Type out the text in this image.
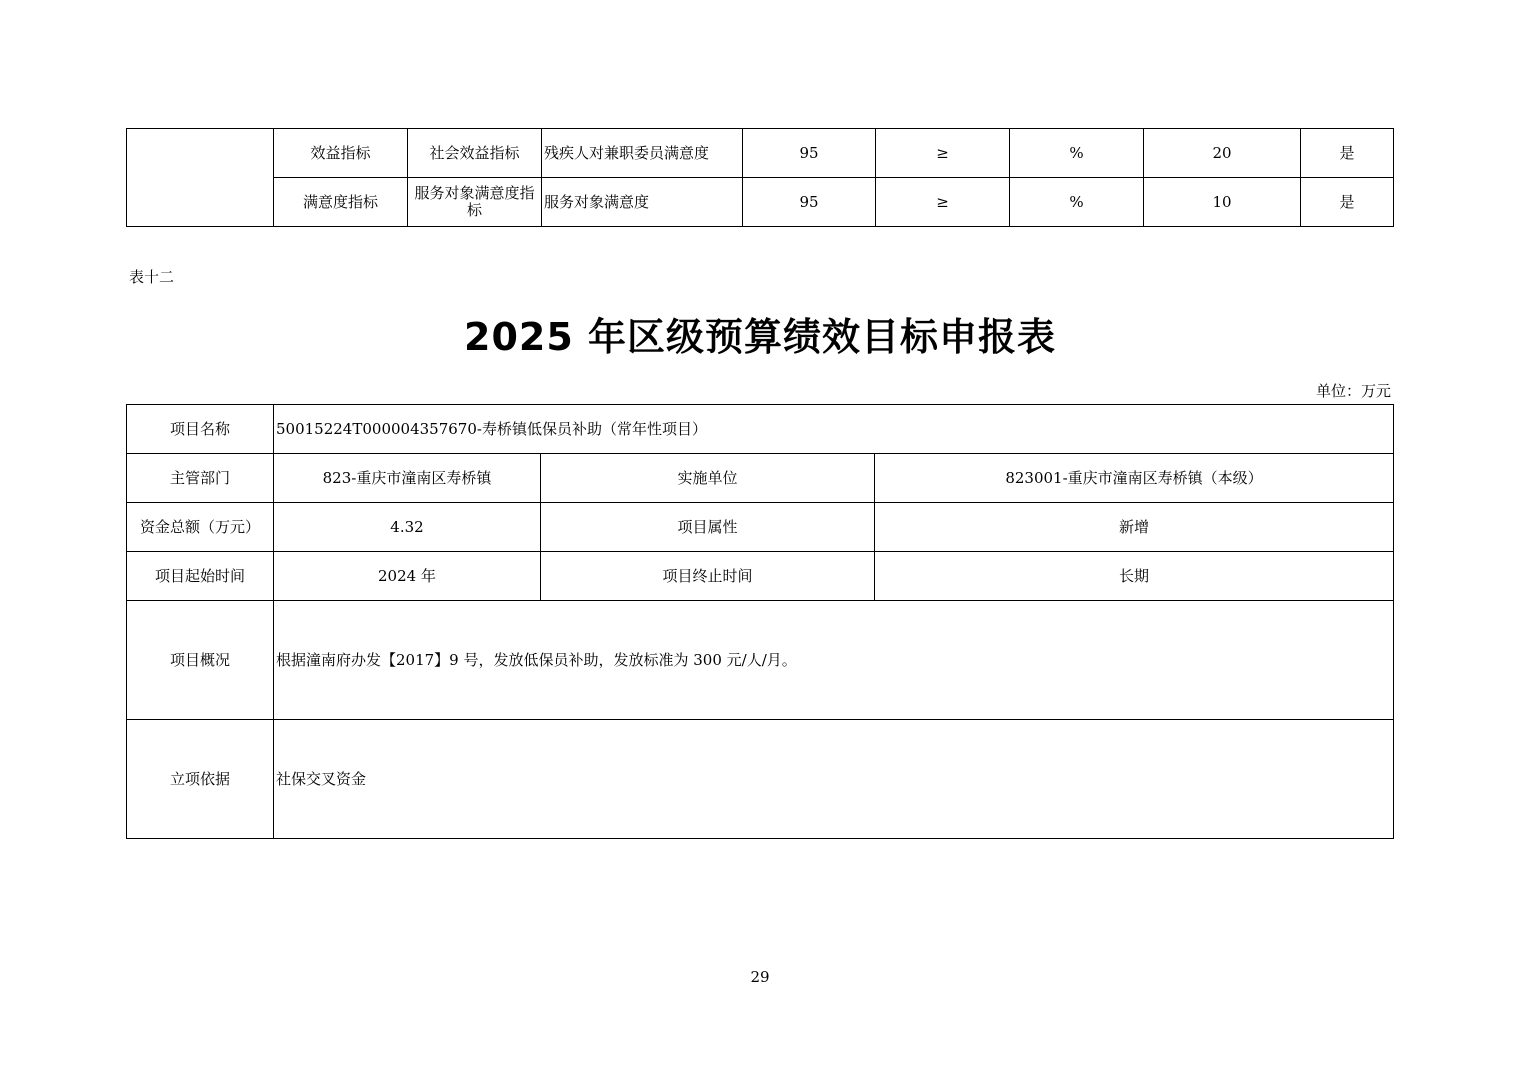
	效益指标	社会效益指标	残疾人对兼职委员满意度	95	≥	%	20	是
	满意度指标	服务对象满意度指标	服务对象满意度	95	≥	%	10	是
表十二
2025 年区级预算绩效目标申报表
单位：万元
项目名称	50015224T000004357670-寿桥镇低保员补助（常年性项目）		
主管部门	823-重庆市潼南区寿桥镇	实施单位	823001-重庆市潼南区寿桥镇（本级）
资金总额（万元）	4.32	项目属性	新增
项目起始时间	2024 年	项目终止时间	长期
项目概况	根据潼南府办发【2017】9 号，发放低保员补助，发放标准为 300 元/人/月。		
立项依据	社保交叉资金		
29
